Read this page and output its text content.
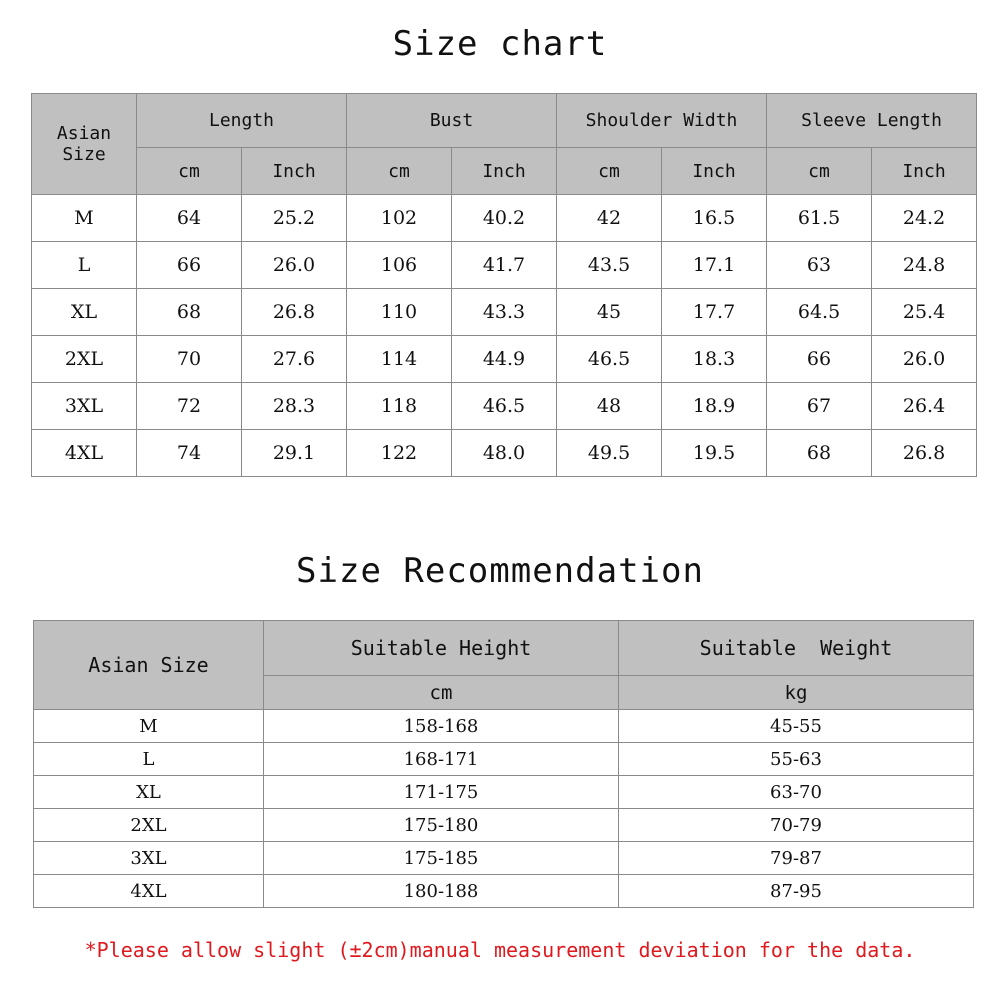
Size chart
Asian
Size	Length		Bust		Shoulder Width		Sleeve Length	
	cm	Inch	cm	Inch	cm	Inch	cm	Inch
M	64	25.2	102	40.2	42	16.5	61.5	24.2
L	66	26.0	106	41.7	43.5	17.1	63	24.8
XL	68	26.8	110	43.3	45	17.7	64.5	25.4
2XL	70	27.6	114	44.9	46.5	18.3	66	26.0
3XL	72	28.3	118	46.5	48	18.9	67	26.4
4XL	74	29.1	122	48.0	49.5	19.5	68	26.8
Size Recommendation
Asian Size	Suitable Height	Suitable  Weight
	cm	kg
M	158-168	45-55
L	168-171	55-63
XL	171-175	63-70
2XL	175-180	70-79
3XL	175-185	79-87
4XL	180-188	87-95
*Please allow slight (±2cm)manual measurement deviation for the data.
